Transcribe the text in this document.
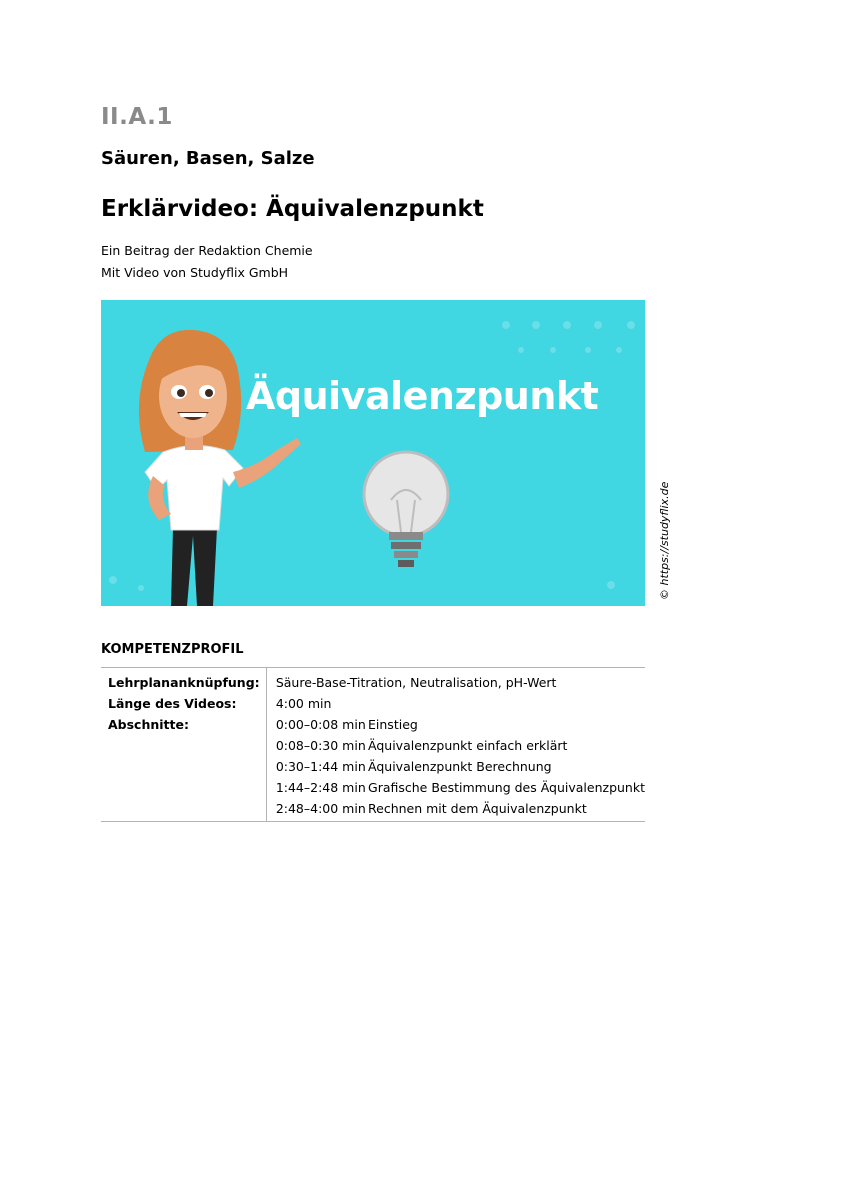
II.A.1

Säuren, Basen, Salze

Erklärvideo: Äquivalenzpunkt

Ein Beitrag der Redaktion Chemie

Mit Video von Studyflix GmbH

Äquivalenzpunkt

© https://studyflix.de

KOMPETENZPROFIL

Lehrplananknüpfung:	Säure-Base-Titration, Neutralisation, pH-Wert	
Länge des Videos:	4:00 min	
Abschnitte:	0:00–0:08 min	Einstieg
	0:08–0:30 min	Äquivalenzpunkt einfach erklärt
	0:30–1:44 min	Äquivalenzpunkt Berechnung
	1:44–2:48 min	Grafische Bestimmung des Äquivalenzpunkt
	2:48–4:00 min	Rechnen mit dem Äquivalenzpunkt
